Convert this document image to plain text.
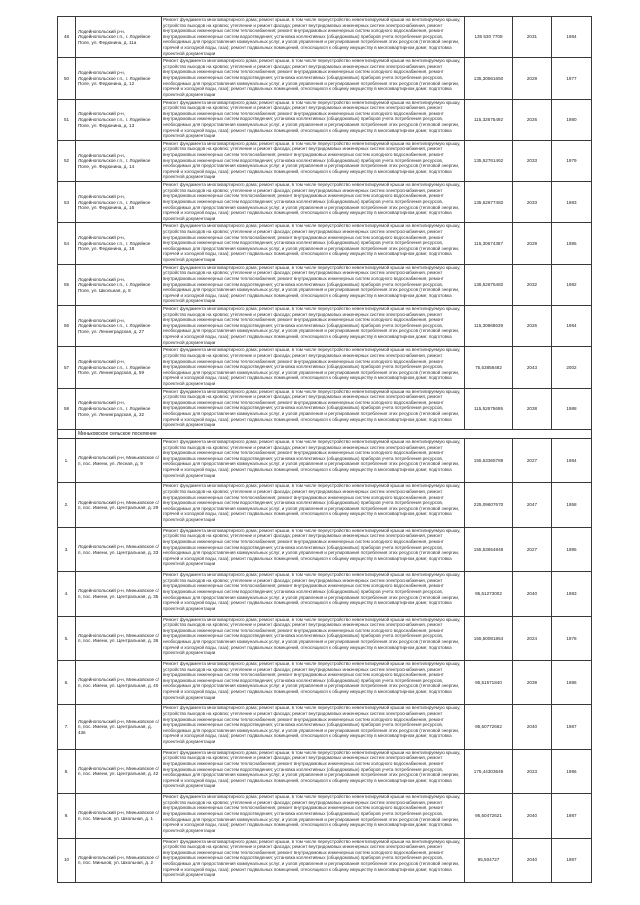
48	Лодейнопольский р-н, Лодейнопольское г.п., г. Лодейное Поле, ул. Федюнина, д. 11а	Ремонт фундамента многоквартирного дома; ремонт крыши, в том числе переустройство невентилируемой крыши на вентилируемую крышу, устройство выходов на кровлю; утепление и ремонт фасада; ремонт внутридомовых инженерных систем электроснабжения, ремонт внутридомовых инженерных систем теплоснабжения; ремонт внутридомовых инженерных систем холодного водоснабжения, ремонт внутридомовых инженерных систем водоотведения; установка коллективных (общедомовых) приборов учета потребления ресурсов, необходимых для предоставления коммунальных услуг, и узлов управления и регулирования потребления этих ресурсов (тепловой энергии, горячей и холодной воды, газа); ремонт подвальных помещений, относящихся к общему имуществу в многоквартирном доме; подготовка проектной документации	135 530 7708	2031	1984
50	Лодейнопольский р-н, Лодейнопольское г.п., г. Лодейное Поле, ул. Федюнина, д. 12	Ремонт фундамента многоквартирного дома; ремонт крыши, в том числе переустройство невентилируемой крыши на вентилируемую крышу, устройство выходов на кровлю; утепление и ремонт фасада; ремонт внутридомовых инженерных систем электроснабжения, ремонт внутридомовых инженерных систем теплоснабжения; ремонт внутридомовых инженерных систем холодного водоснабжения, ремонт внутридомовых инженерных систем водоотведения; установка коллективных (общедомовых) приборов учета потребления ресурсов, необходимых для предоставления коммунальных услуг, и узлов управления и регулирования потребления этих ресурсов (тепловой энергии, горячей и холодной воды, газа); ремонт подвальных помещений, относящихся к общему имуществу в многоквартирном доме; подготовка проектной документации	135,30561650	2029	1977
51	Лодейнопольский р-н, Лодейнопольское г.п., г. Лодейное Поле, ул. Федюнина, д. 13	Ремонт фундамента многоквартирного дома; ремонт крыши, в том числе переустройство невентилируемой крыши на вентилируемую крышу, устройство выходов на кровлю; утепление и ремонт фасада; ремонт внутридомовых инженерных систем электроснабжения, ремонт внутридомовых инженерных систем теплоснабжения; ремонт внутридомовых инженерных систем холодного водоснабжения, ремонт внутридомовых инженерных систем водоотведения; установка коллективных (общедомовых) приборов учета потребления ресурсов, необходимых для предоставления коммунальных услуг, и узлов управления и регулирования потребления этих ресурсов (тепловой энергии, горячей и холодной воды, газа); ремонт подвальных помещений, относящихся к общему имуществу в многоквартирном доме; подготовка проектной документации	115,32675492	2026	1980
52	Лодейнопольский р-н, Лодейнопольское г.п., г. Лодейное Поле, ул. Федюнина, д. 14	Ремонт фундамента многоквартирного дома; ремонт крыши, в том числе переустройство невентилируемой крыши на вентилируемую крышу, устройство выходов на кровлю; утепление и ремонт фасада; ремонт внутридомовых инженерных систем электроснабжения, ремонт внутридомовых инженерных систем теплоснабжения; ремонт внутридомовых инженерных систем холодного водоснабжения, ремонт внутридомовых инженерных систем водоотведения; установка коллективных (общедомовых) приборов учета потребления ресурсов, необходимых для предоставления коммунальных услуг, и узлов управления и регулирования потребления этих ресурсов (тепловой энергии, горячей и холодной воды, газа); ремонт подвальных помещений, относящихся к общему имуществу в многоквартирном доме; подготовка проектной документации	135,52761462	2033	1979
53	Лодейнопольский р-н, Лодейнопольское г.п., г. Лодейное Поле, ул. Федюнина, д. 16	Ремонт фундамента многоквартирного дома; ремонт крыши, в том числе переустройство невентилируемой крыши на вентилируемую крышу, устройство выходов на кровлю; утепление и ремонт фасада; ремонт внутридомовых инженерных систем электроснабжения, ремонт внутридомовых инженерных систем теплоснабжения; ремонт внутридомовых инженерных систем холодного водоснабжения, ремонт внутридомовых инженерных систем водоотведения; установка коллективных (общедомовых) приборов учета потребления ресурсов, необходимых для предоставления коммунальных услуг, и узлов управления и регулирования потребления этих ресурсов (тепловой энергии, горячей и холодной воды, газа); ремонт подвальных помещений, относящихся к общему имуществу в многоквартирном доме; подготовка проектной документации	135,52677482	2033	1983
54	Лодейнопольский р-н, Лодейнопольское г.п., г. Лодейное Поле, ул. Федюнина, д. 18	Ремонт фундамента многоквартирного дома; ремонт крыши, в том числе переустройство невентилируемой крыши на вентилируемую крышу, устройство выходов на кровлю; утепление и ремонт фасада; ремонт внутридомовых инженерных систем электроснабжения, ремонт внутридомовых инженерных систем теплоснабжения; ремонт внутридомовых инженерных систем холодного водоснабжения, ремонт внутридомовых инженерных систем водоотведения; установка коллективных (общедомовых) приборов учета потребления ресурсов, необходимых для предоставления коммунальных услуг, и узлов управления и регулирования потребления этих ресурсов (тепловой энергии, горячей и холодной воды, газа); ремонт подвальных помещений, относящихся к общему имуществу в многоквартирном доме; подготовка проектной документации	115,30674387	2029	1985
55	Лодейнопольский р-н, Лодейнопольское г.п., г. Лодейное Поле, ул. Школьная, д. 8	Ремонт фундамента многоквартирного дома; ремонт крыши, в том числе переустройство невентилируемой крыши на вентилируемую крышу, устройство выходов на кровлю; утепление и ремонт фасада; ремонт внутридомовых инженерных систем электроснабжения, ремонт внутридомовых инженерных систем теплоснабжения; ремонт внутридомовых инженерных систем холодного водоснабжения, ремонт внутридомовых инженерных систем водоотведения; установка коллективных (общедомовых) приборов учета потребления ресурсов, необходимых для предоставления коммунальных услуг, и узлов управления и регулирования потребления этих ресурсов (тепловой энергии, горячей и холодной воды, газа); ремонт подвальных помещений, относящихся к общему имуществу в многоквартирном доме; подготовка проектной документации	136,52675482	2032	1982
56	Лодейнопольский р-н, Лодейнопольское г.п., г. Лодейное Поле, ул. Ленинградская, д. 27	Ремонт фундамента многоквартирного дома; ремонт крыши, в том числе переустройство невентилируемой крыши на вентилируемую крышу, устройство выходов на кровлю; утепление и ремонт фасада; ремонт внутридомовых инженерных систем электроснабжения, ремонт внутридомовых инженерных систем теплоснабжения; ремонт внутридомовых инженерных систем холодного водоснабжения, ремонт внутридомовых инженерных систем водоотведения; установка коллективных (общедомовых) приборов учета потребления ресурсов, необходимых для предоставления коммунальных услуг, и узлов управления и регулирования потребления этих ресурсов (тепловой энергии, горячей и холодной воды, газа); ремонт подвальных помещений, относящихся к общему имуществу в многоквартирном доме; подготовка проектной документации	115,30868639	2026	1984
57	Лодейнопольский р-н, Лодейнопольское г.п., г. Лодейное Поле, ул. Ленинградская, д. 59	Ремонт фундамента многоквартирного дома; ремонт крыши, в том числе переустройство невентилируемой крыши на вентилируемую крышу, устройство выходов на кровлю; утепление и ремонт фасада; ремонт внутридомовых инженерных систем электроснабжения, ремонт внутридомовых инженерных систем теплоснабжения; ремонт внутридомовых инженерных систем холодного водоснабжения, ремонт внутридомовых инженерных систем водоотведения; установка коллективных (общедомовых) приборов учета потребления ресурсов, необходимых для предоставления коммунальных услуг, и узлов управления и регулирования потребления этих ресурсов (тепловой энергии, горячей и холодной воды, газа); ремонт подвальных помещений, относящихся к общему имуществу в многоквартирном доме; подготовка проектной документации	75,53858482	2043	2002
58	Лодейнопольский р-н, Лодейнопольское г.п., г. Лодейное Поле, ул. Ленинградская, д. 32	Ремонт фундамента многоквартирного дома; ремонт крыши, в том числе переустройство невентилируемой крыши на вентилируемую крышу, устройство выходов на кровлю; утепление и ремонт фасада; ремонт внутридомовых инженерных систем электроснабжения, ремонт внутридомовых инженерных систем теплоснабжения; ремонт внутридомовых инженерных систем холодного водоснабжения, ремонт внутридомовых инженерных систем водоотведения; установка коллективных (общедомовых) приборов учета потребления ресурсов, необходимых для предоставления коммунальных услуг, и узлов управления и регулирования потребления этих ресурсов (тепловой энергии, горячей и холодной воды, газа); ремонт подвальных помещений, относящихся к общему имуществу в многоквартирном доме; подготовка проектной документации	115,52675695	2038	1988
	Миньковское сельское поселение				
1.	Лодейнопольский р-н, Миньковское с/п, пос. Имени, ул. Лесная, д. 9	Ремонт фундамента многоквартирного дома; ремонт крыши, в том числе переустройство невентилируемой крыши на вентилируемую крышу, устройство выходов на кровлю; утепление и ремонт фасада; ремонт внутридомовых инженерных систем электроснабжения, ремонт внутридомовых инженерных систем теплоснабжения; ремонт внутридомовых инженерных систем холодного водоснабжения, ремонт внутридомовых инженерных систем водоотведения; установка коллективных (общедомовых) приборов учета потребления ресурсов, необходимых для предоставления коммунальных услуг, и узлов управления и регулирования потребления этих ресурсов (тепловой энергии, горячей и холодной воды, газа); ремонт подвальных помещений, относящихся к общему имуществу в многоквартирном доме; подготовка проектной документации	155,53365788	2027	1984
2.	Лодейнопольский р-н, Миньковское с/п, пос. Имени, ул. Центральная, д. 29	Ремонт фундамента многоквартирного дома; ремонт крыши, в том числе переустройство невентилируемой крыши на вентилируемую крышу, устройство выходов на кровлю; утепление и ремонт фасада; ремонт внутридомовых инженерных систем электроснабжения, ремонт внутридомовых инженерных систем теплоснабжения; ремонт внутридомовых инженерных систем холодного водоснабжения, ремонт внутридомовых инженерных систем водоотведения; установка коллективных (общедомовых) приборов учета потребления ресурсов, необходимых для предоставления коммунальных услуг, и узлов управления и регулирования потребления этих ресурсов (тепловой энергии, горячей и холодной воды, газа); ремонт подвальных помещений, относящихся к общему имуществу в многоквартирном доме; подготовка проектной документации	225,09607670	2047	1958
3.	Лодейнопольский р-н, Миньковское с/п, пос. Имени, ул. Центральная, д. 33	Ремонт фундамента многоквартирного дома; ремонт крыши, в том числе переустройство невентилируемой крыши на вентилируемую крышу, устройство выходов на кровлю; утепление и ремонт фасада; ремонт внутридомовых инженерных систем электроснабжения, ремонт внутридомовых инженерных систем теплоснабжения; ремонт внутридомовых инженерных систем холодного водоснабжения, ремонт внутридомовых инженерных систем водоотведения; установка коллективных (общедомовых) приборов учета потребления ресурсов, необходимых для предоставления коммунальных услуг, и узлов управления и регулирования потребления этих ресурсов (тепловой энергии, горячей и холодной воды, газа); ремонт подвальных помещений, относящихся к общему имуществу в многоквартирном доме; подготовка проектной документации	155,53654848	2027	1985
4.	Лодейнопольский р-н, Миньковское с/п, пос. Имени, ул. Центральная, д. 35	Ремонт фундамента многоквартирного дома; ремонт крыши, в том числе переустройство невентилируемой крыши на вентилируемую крышу, устройство выходов на кровлю; утепление и ремонт фасада; ремонт внутридомовых инженерных систем электроснабжения, ремонт внутридомовых инженерных систем теплоснабжения; ремонт внутридомовых инженерных систем холодного водоснабжения, ремонт внутридомовых инженерных систем водоотведения; установка коллективных (общедомовых) приборов учета потребления ресурсов, необходимых для предоставления коммунальных услуг, и узлов управления и регулирования потребления этих ресурсов (тепловой энергии, горячей и холодной воды, газа); ремонт подвальных помещений, относящихся к общему имуществу в многоквартирном доме; подготовка проектной документации	95,51273002	2040	1983
5.	Лодейнопольский р-н, Миньковское с/п, пос. Имени, ул. Центральная, д. 36	Ремонт фундамента многоквартирного дома; ремонт крыши, в том числе переустройство невентилируемой крыши на вентилируемую крышу, устройство выходов на кровлю; утепление и ремонт фасада; ремонт внутридомовых инженерных систем электроснабжения, ремонт внутридомовых инженерных систем теплоснабжения; ремонт внутридомовых инженерных систем холодного водоснабжения, ремонт внутридомовых инженерных систем водоотведения; установка коллективных (общедомовых) приборов учета потребления ресурсов, необходимых для предоставления коммунальных услуг, и узлов управления и регулирования потребления этих ресурсов (тепловой энергии, горячей и холодной воды, газа); ремонт подвальных помещений, относящихся к общему имуществу в многоквартирном доме; подготовка проектной документации	155,50081854	2024	1978
6.	Лодейнопольский р-н, Миньковское с/п, пос. Имени, ул. Центральная, д. 40	Ремонт фундамента многоквартирного дома; ремонт крыши, в том числе переустройство невентилируемой крыши на вентилируемую крышу, устройство выходов на кровлю; утепление и ремонт фасада; ремонт внутридомовых инженерных систем электроснабжения, ремонт внутридомовых инженерных систем теплоснабжения; ремонт внутридомовых инженерных систем холодного водоснабжения, ремонт внутридомовых инженерных систем водоотведения; установка коллективных (общедомовых) приборов учета потребления ресурсов, необходимых для предоставления коммунальных услуг, и узлов управления и регулирования потребления этих ресурсов (тепловой энергии, горячей и холодной воды, газа); ремонт подвальных помещений, относящихся к общему имуществу в многоквартирном доме; подготовка проектной документации	95,51571840	2039	1986
7.	Лодейнопольский р-н, Миньковское с/п, пос. Имени, ул. Центральная, д. 43в	Ремонт фундамента многоквартирного дома; ремонт крыши, в том числе переустройство невентилируемой крыши на вентилируемую крышу, устройство выходов на кровлю; утепление и ремонт фасада; ремонт внутридомовых инженерных систем электроснабжения, ремонт внутридомовых инженерных систем теплоснабжения; ремонт внутридомовых инженерных систем холодного водоснабжения, ремонт внутридомовых инженерных систем водоотведения; установка коллективных (общедомовых) приборов учета потребления ресурсов, необходимых для предоставления коммунальных услуг, и узлов управления и регулирования потребления этих ресурсов (тепловой энергии, горячей и холодной воды, газа); ремонт подвальных помещений, относящихся к общему имуществу в многоквартирном доме; подготовка проектной документации	95,50772662	2040	1987
8.	Лодейнопольский р-н, Миньковское с/п, пос. Имени, ул. Центральная, д. 42	Ремонт фундамента многоквартирного дома; ремонт крыши, в том числе переустройство невентилируемой крыши на вентилируемую крышу, устройство выходов на кровлю; утепление и ремонт фасада; ремонт внутридомовых инженерных систем электроснабжения, ремонт внутридомовых инженерных систем теплоснабжения; ремонт внутридомовых инженерных систем холодного водоснабжения, ремонт внутридомовых инженерных систем водоотведения; установка коллективных (общедомовых) приборов учета потребления ресурсов, необходимых для предоставления коммунальных услуг, и узлов управления и регулирования потребления этих ресурсов (тепловой энергии, горячей и холодной воды, газа); ремонт подвальных помещений, относящихся к общему имуществу в многоквартирном доме; подготовка проектной документации	175,44303649	2023	1986
9.	Лодейнопольский р-н, Миньковское с/п, пос. Миньков, ул. Школьная, д. 1	Ремонт фундамента многоквартирного дома; ремонт крыши, в том числе переустройство невентилируемой крыши на вентилируемую крышу, устройство выходов на кровлю; утепление и ремонт фасада; ремонт внутридомовых инженерных систем электроснабжения, ремонт внутридомовых инженерных систем теплоснабжения; ремонт внутридомовых инженерных систем холодного водоснабжения, ремонт внутридомовых инженерных систем водоотведения; установка коллективных (общедомовых) приборов учета потребления ресурсов, необходимых для предоставления коммунальных услуг, и узлов управления и регулирования потребления этих ресурсов (тепловой энергии, горячей и холодной воды, газа); ремонт подвальных помещений, относящихся к общему имуществу в многоквартирном доме; подготовка проектной документации	95,50472621	2040	1987
10	Лодейнопольский р-н, Миньковское с/п, пос. Миньков, ул. Школьная, д. 2	Ремонт фундамента многоквартирного дома; ремонт крыши, в том числе переустройство невентилируемой крыши на вентилируемую крышу, устройство выходов на кровлю; утепление и ремонт фасада; ремонт внутридомовых инженерных систем электроснабжения, ремонт внутридомовых инженерных систем теплоснабжения; ремонт внутридомовых инженерных систем холодного водоснабжения, ремонт внутридомовых инженерных систем водоотведения; установка коллективных (общедомовых) приборов учета потребления ресурсов, необходимых для предоставления коммунальных услуг, и узлов управления и регулирования потребления этих ресурсов (тепловой энергии, горячей и холодной воды, газа); ремонт подвальных помещений, относящихся к общему имуществу в многоквартирном доме; подготовка проектной документации	95,504727	2040	1987
